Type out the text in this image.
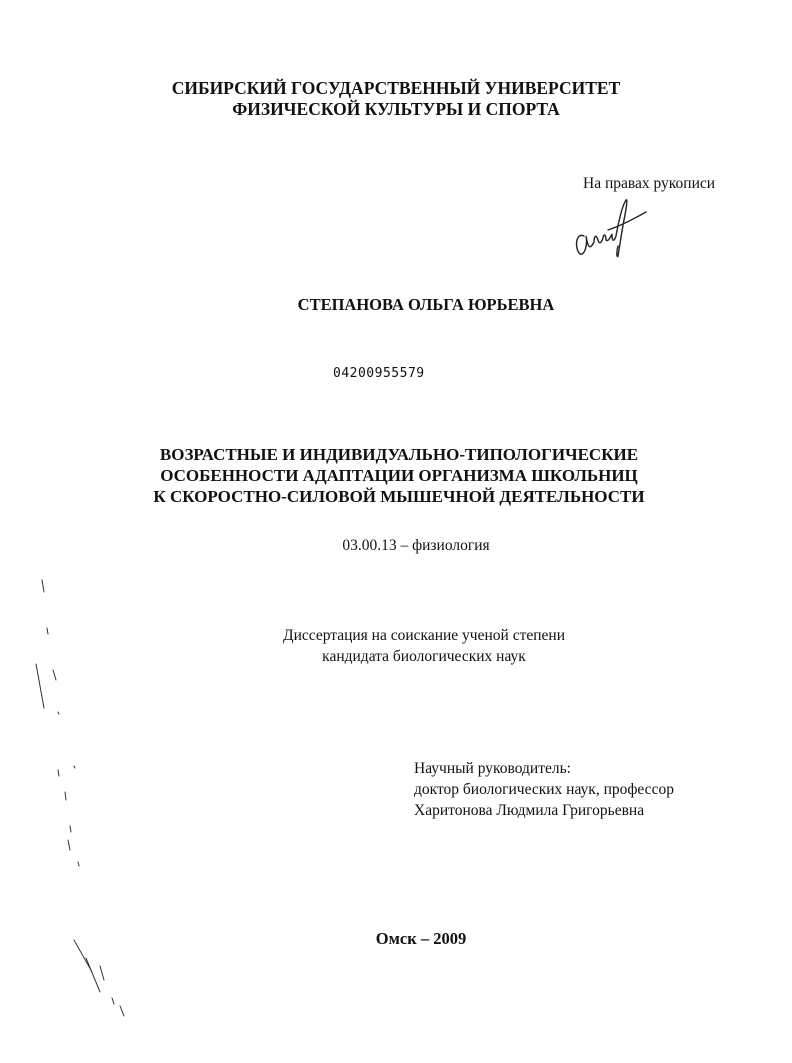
СИБИРСКИЙ ГОСУДАРСТВЕННЫЙ УНИВЕРСИТЕТ
ФИЗИЧЕСКОЙ КУЛЬТУРЫ И СПОРТА
На правах рукописи
СТЕПАНОВА ОЛЬГА ЮРЬЕВНА
04200955579
ВОЗРАСТНЫЕ И ИНДИВИДУАЛЬНО-ТИПОЛОГИЧЕСКИЕ
ОСОБЕННОСТИ АДАПТАЦИИ ОРГАНИЗМА ШКОЛЬНИЦ
К СКОРОСТНО-СИЛОВОЙ МЫШЕЧНОЙ ДЕЯТЕЛЬНОСТИ
03.00.13 – физиология
Диссертация на соискание ученой степени
кандидата биологических наук
Научный руководитель:
доктор биологических наук, профессор
Харитонова Людмила Григорьевна
Омск – 2009
